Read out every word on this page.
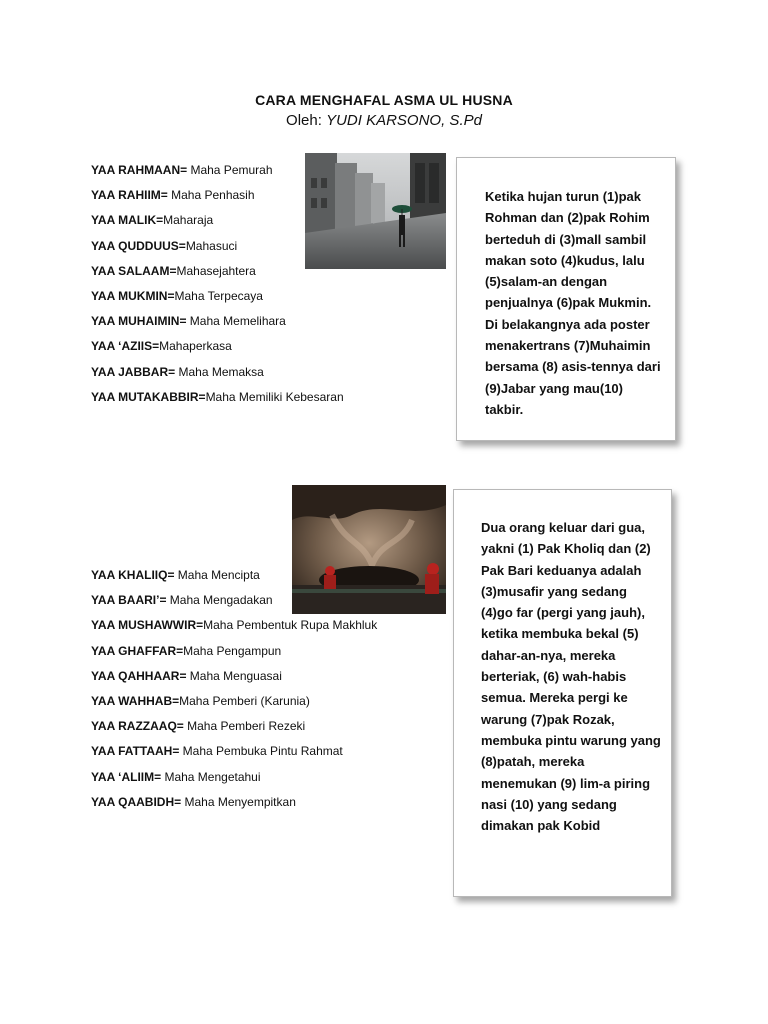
CARA MENGHAFAL ASMA UL HUSNA
Oleh: YUDI KARSONO, S.Pd
YAA RAHMAAN= Maha Pemurah
YAA RAHIIM= Maha Penhasih
YAA MALIK=Maharaja
YAA QUDDUUS=Mahasuci
YAA SALAAM=Mahasejahtera
YAA MUKMIN=Maha Terpecaya
YAA MUHAIMIN= Maha Memelihara
YAA ‘AZIIS=Mahaperkasa
YAA JABBAR= Maha Memaksa
YAA MUTAKABBIR=Maha Memiliki Kebesaran

Ketika hujan turun (1)pak Rohman dan (2)pak Rohim berteduh di (3)mall sambil makan soto (4)kudus, lalu (5)salam-an dengan penjualnya (6)pak Mukmin. Di belakangnya ada poster menakertrans (7)Muhaimin bersama (8) asis-tennya dari (9)Jabar yang mau(10) takbir.

YAA KHALIIQ= Maha Mencipta
YAA BAARI’= Maha Mengadakan
YAA MUSHAWWIR=Maha Pembentuk Rupa Makhluk
YAA GHAFFAR=Maha Pengampun
YAA QAHHAAR= Maha Menguasai
YAA WAHHAB=Maha Pemberi (Karunia)
YAA RAZZAAQ= Maha Pemberi Rezeki
YAA FATTAAH= Maha Pembuka Pintu Rahmat
YAA ‘ALIIM= Maha Mengetahui
YAA QAABIDH= Maha Menyempitkan

Dua orang keluar dari gua, yakni (1) Pak Kholiq dan (2) Pak Bari keduanya adalah (3)musafir yang sedang (4)go far (pergi yang jauh), ketika membuka bekal (5) dahar-an-nya, mereka berteriak, (6) wah-habis semua. Mereka pergi ke warung (7)pak Rozak, membuka pintu warung yang (8)patah, mereka menemukan (9) lim-a piring nasi (10) yang sedang dimakan pak Kobid
